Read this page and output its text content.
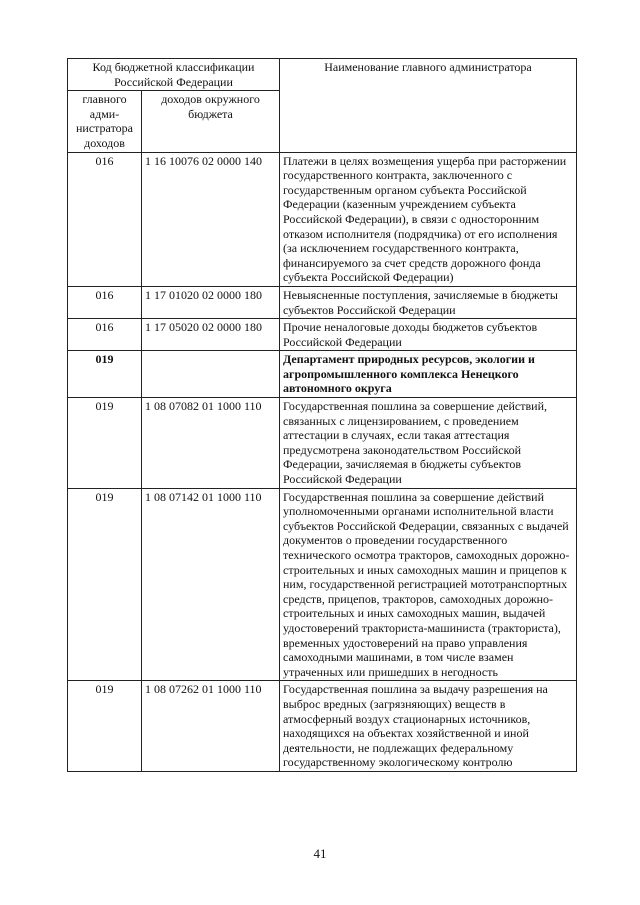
Код бюджетной классификации Российской Федерации		Наименование главного администратора
главного адми-нистратора доходов	доходов окружного бюджета	
016	1 16 10076 02 0000 140	Платежи в целях возмещения ущерба при расторжении государственного контракта, заключенного с государственным органом субъекта Российской Федерации (казенным учреждением субъекта Российской Федерации), в связи с односторонним отказом исполнителя (подрядчика) от его исполнения (за исключением государственного контракта, финансируемого за счет средств дорожного фонда субъекта Российской Федерации)
016	1 17 01020 02 0000 180	Невыясненные поступления, зачисляемые в бюджеты субъектов Российской Федерации
016	1 17 05020 02 0000 180	Прочие неналоговые доходы бюджетов субъектов Российской Федерации
019		Департамент природных ресурсов, экологии и агропромышленного комплекса Ненецкого автономного округа
019	1 08 07082 01 1000 110	Государственная пошлина за совершение действий, связанных с лицензированием, с проведением аттестации в случаях, если такая аттестация предусмотрена законодательством Российской Федерации, зачисляемая в бюджеты субъектов Российской Федерации
019	1 08 07142 01 1000 110	Государственная пошлина за совершение действий уполномоченными органами исполнительной власти субъектов Российской Федерации, связанных с выдачей документов о проведении государственного технического осмотра тракторов, самоходных дорожно-строительных и иных самоходных машин и прицепов к ним, государственной регистрацией мототранспортных средств, прицепов, тракторов, самоходных дорожно-строительных и иных самоходных машин, выдачей удостоверений тракториста-машиниста (тракториста), временных удостоверений на право управления самоходными машинами, в том числе взамен утраченных или пришедших в негодность
019	1 08 07262 01 1000 110	Государственная пошлина за выдачу разрешения на выброс вредных (загрязняющих) веществ в атмосферный воздух стационарных источников, находящихся на объектах хозяйственной и иной деятельности, не подлежащих федеральному государственному экологическому контролю
41
